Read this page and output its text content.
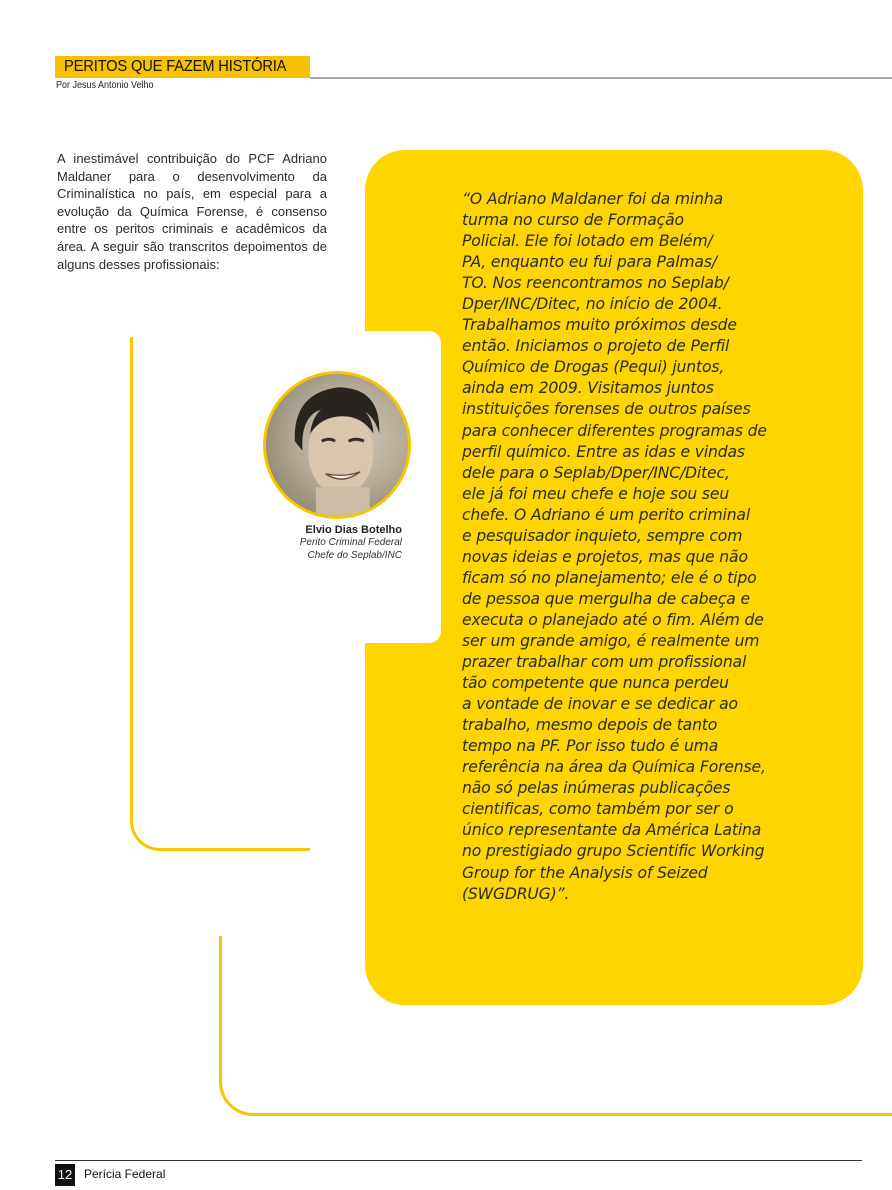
PERITOS QUE FAZEM HISTÓRIA
Por Jesus Antonio Velho

A inestimável contribuição do PCF Adriano Maldaner para o desenvolvimento da Criminalística no país, em especial para a evolução da Química Forense, é consenso entre os peritos criminais e acadêmicos da área. A seguir são transcritos depoimentos de alguns desses profissionais:

Elvio Dias Botelho
Perito Criminal Federal
Chefe do Seplab/INC
“O Adriano Maldaner foi da minha
turma no curso de Formação
Policial. Ele foi lotado em Belém/
PA, enquanto eu fui para Palmas/
TO. Nos reencontramos no Seplab/
Dper/INC/Ditec, no início de 2004.
Trabalhamos muito próximos desde
então. Iniciamos o projeto de Perfil
Químico de Drogas (Pequi) juntos,
ainda em 2009. Visitamos juntos
instituições forenses de outros países
para conhecer diferentes programas de
perfil químico. Entre as idas e vindas
dele para o Seplab/Dper/INC/Ditec,
ele já foi meu chefe e hoje sou seu
chefe. O Adriano é um perito criminal
e pesquisador inquieto, sempre com
novas ideias e projetos, mas que não
ficam só no planejamento; ele é o tipo
de pessoa que mergulha de cabeça e
executa o planejado até o fim. Além de
ser um grande amigo, é realmente um
prazer trabalhar com um profissional
tão competente que nunca perdeu
a vontade de inovar e se dedicar ao
trabalho, mesmo depois de tanto
tempo na PF. Por isso tudo é uma
referência na área da Química Forense,
não só pelas inúmeras publicações
cientificas, como também por ser o
único representante da América Latina
no prestigiado grupo Scientific Working
Group for the Analysis of Seized
(SWGDRUG)”.
12 Perícia Federal
